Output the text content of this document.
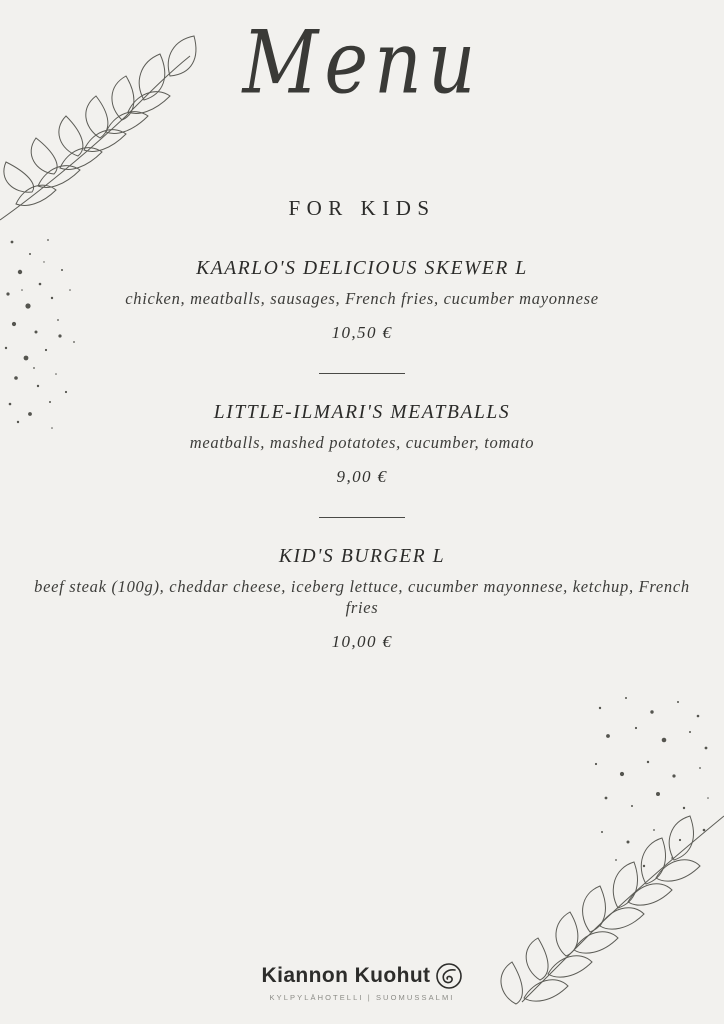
Menu
FOR KIDS
KAARLO'S DELICIOUS SKEWER L
chicken, meatballs, sausages, French fries, cucumber mayonnese
10,50 €
LITTLE-ILMARI'S MEATBALLS
meatballs, mashed potatotes, cucumber, tomato
9,00 €
KID'S BURGER L
beef steak (100g), cheddar cheese, iceberg lettuce, cucumber mayonnese, ketchup, French fries
10,00 €
Kiannon Kuohut
KYLPYLÄHOTELLI | SUOMUSSALMI
